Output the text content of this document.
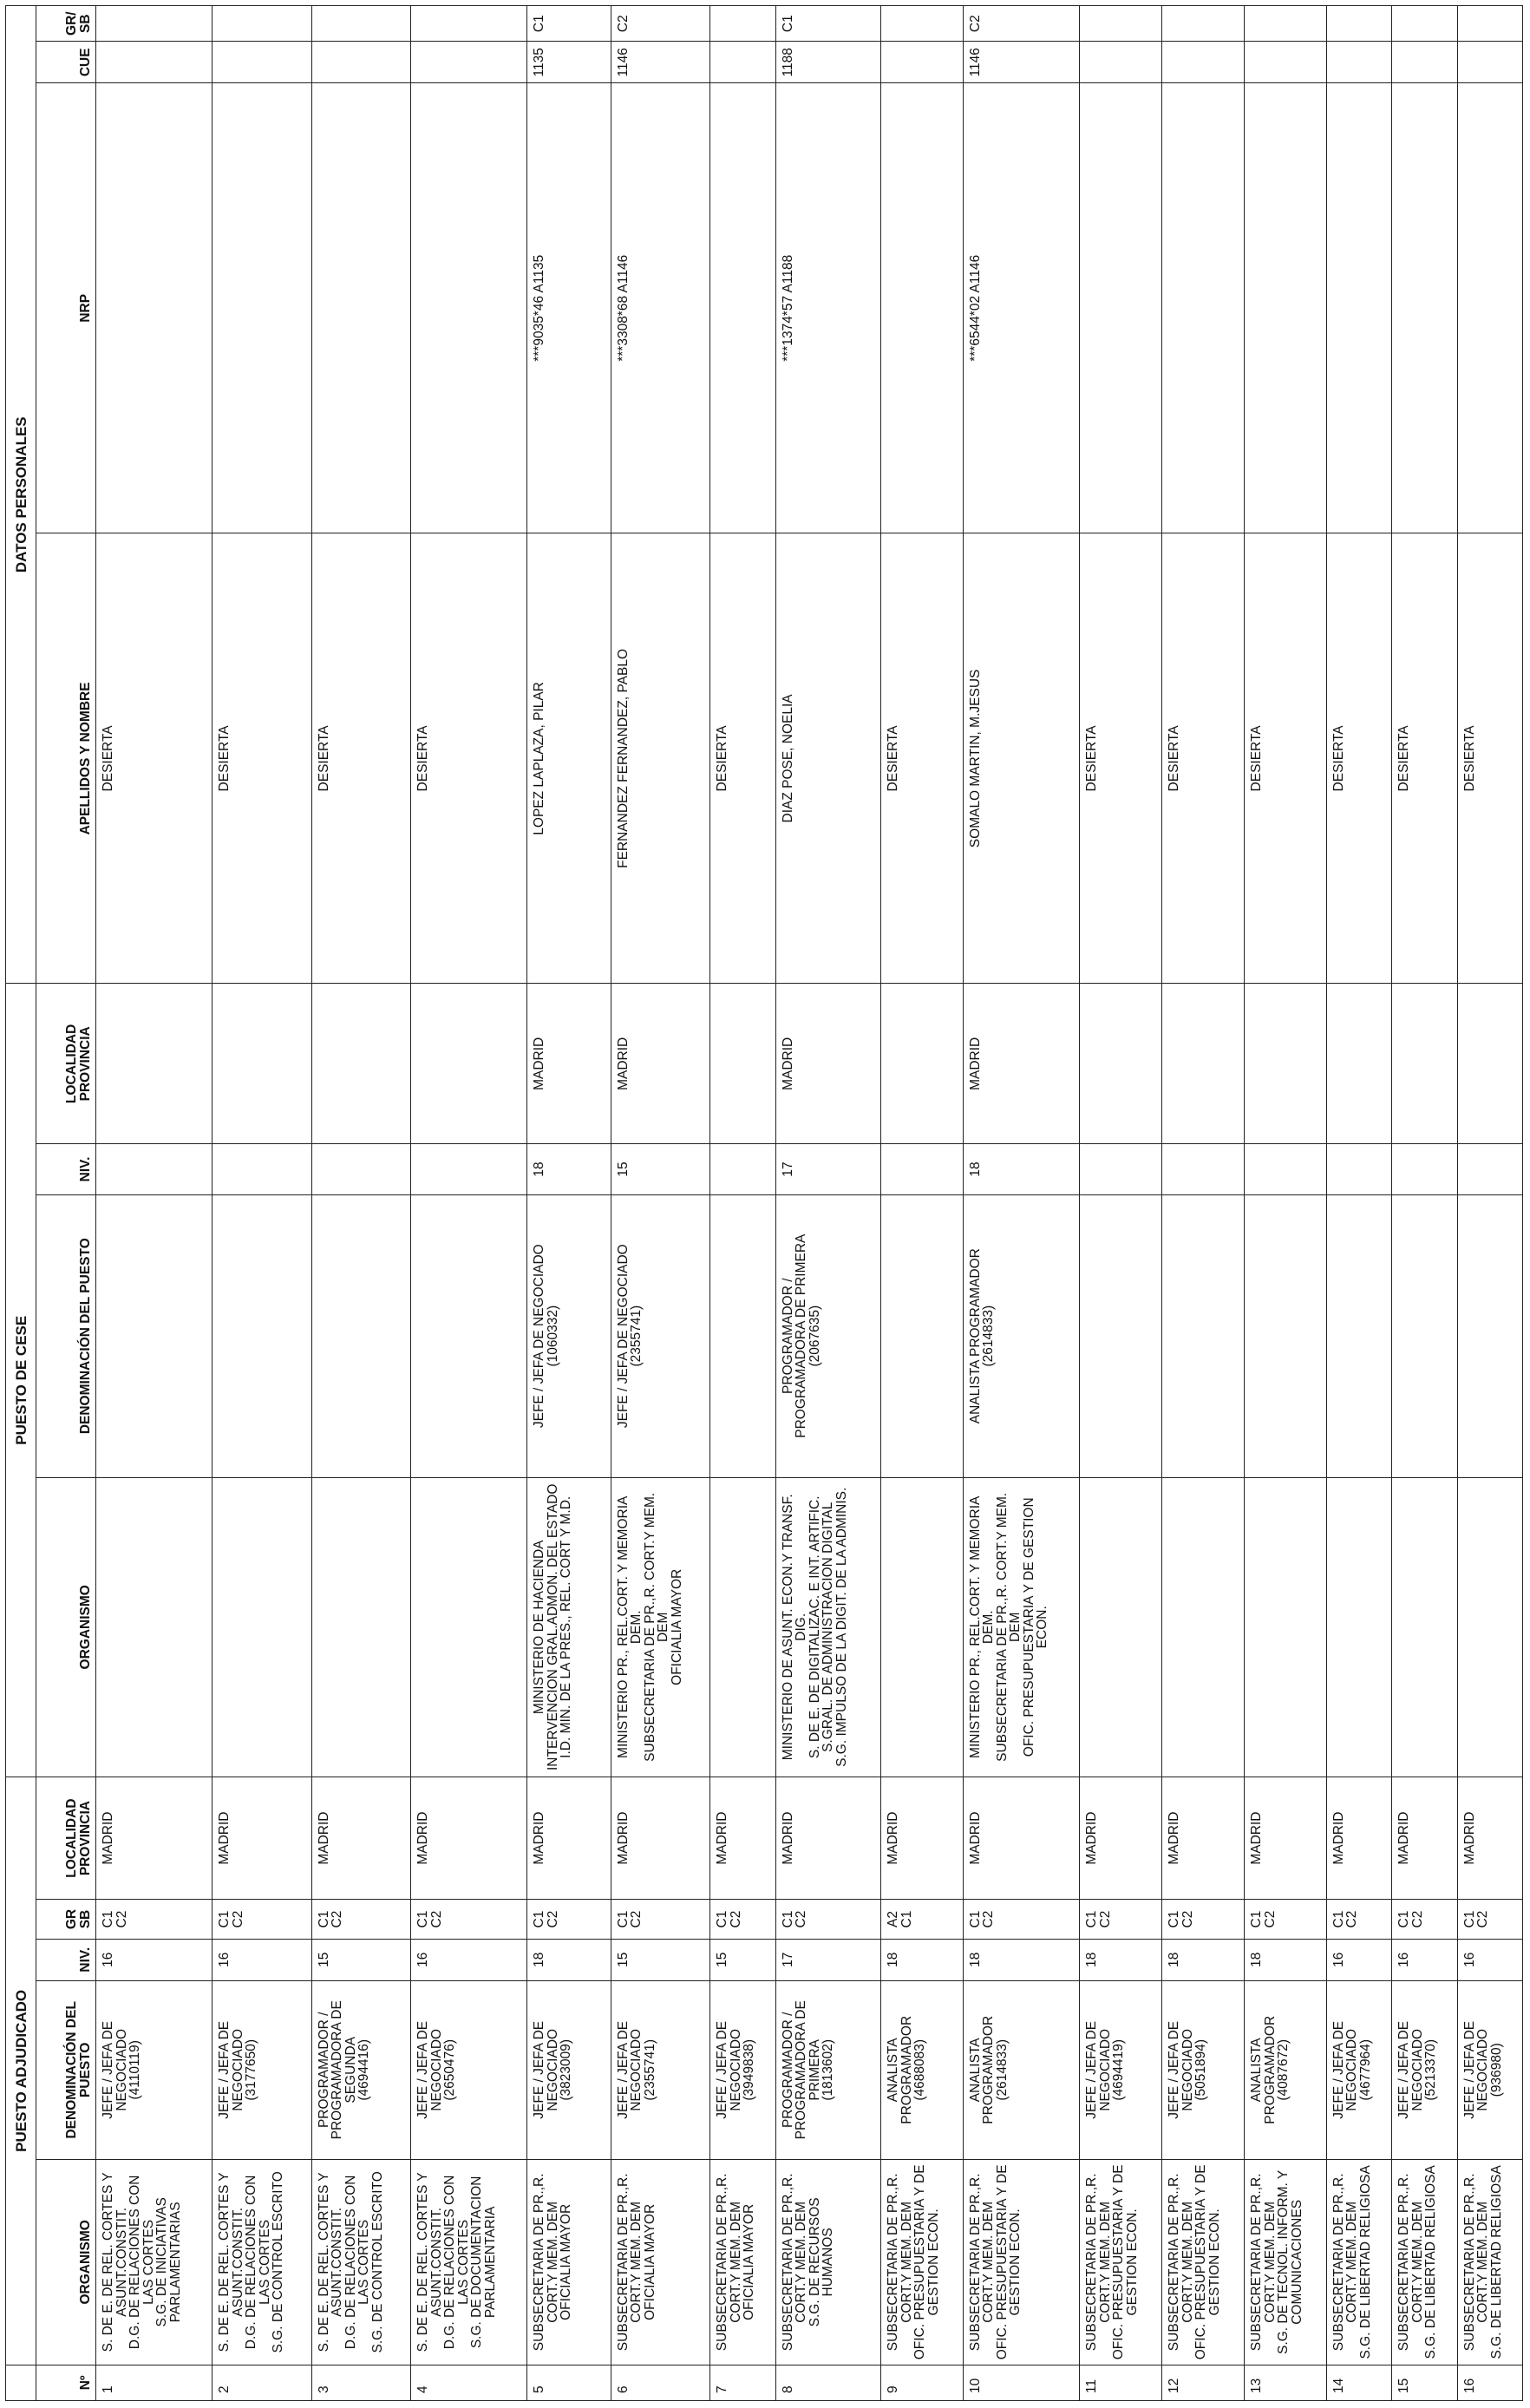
	PUESTO ADJUDICADO					PUESTO DE CESE				DATOS PERSONALES			
Nº	ORGANISMO	DENOMINACIÓN DEL PUESTO	NIV.	GR SB	LOCALIDAD PROVINCIA	ORGANISMO	DENOMINACIÓN DEL PUESTO	NIV.	LOCALIDAD PROVINCIA	APELLIDOS Y NOMBRE	NRP	CUE	GR/ SB
1	S. DE E. DE REL. CORTES Y ASUNT.CONSTIT.
D.G. DE RELACIONES CON LAS CORTES
S.G. DE INICIATIVAS PARLAMENTARIAS	JEFE / JEFA DE NEGOCIADO
(4110119)	16	C1
C2	MADRID					DESIERTA			
2	S. DE E. DE REL. CORTES Y ASUNT.CONSTIT.
D.G. DE RELACIONES CON LAS CORTES
S.G. DE CONTROL ESCRITO	JEFE / JEFA DE NEGOCIADO
(3177650)	16	C1
C2	MADRID					DESIERTA			
3	S. DE E. DE REL. CORTES Y ASUNT.CONSTIT.
D.G. DE RELACIONES CON LAS CORTES
S.G. DE CONTROL ESCRITO	PROGRAMADOR /
PROGRAMADORA DE SEGUNDA
(4694416)	15	C1
C2	MADRID					DESIERTA			
4	S. DE E. DE REL. CORTES Y ASUNT.CONSTIT.
D.G. DE RELACIONES CON LAS CORTES
S.G. DE DOCUMENTACION PARLAMENTARIA	JEFE / JEFA DE NEGOCIADO
(2650476)	16	C1
C2	MADRID					DESIERTA			
5	SUBSECRETARIA DE PR.,R. CORT.Y MEM. DEM
OFICIALIA MAYOR	JEFE / JEFA DE NEGOCIADO
(3823009)	18	C1
C2	MADRID	MINISTERIO DE HACIENDA
INTERVENCION GRAL.ADMON. DEL ESTADO
I.D. MIN. DE LA PRES., REL. CORT Y M.D.	JEFE / JEFA DE NEGOCIADO
(1060332)	18	MADRID	LOPEZ LAPLAZA, PILAR	***9035*46 A1135	1135	C1
6	SUBSECRETARIA DE PR.,R. CORT.Y MEM. DEM
OFICIALIA MAYOR	JEFE / JEFA DE NEGOCIADO
(2355741)	15	C1
C2	MADRID	MINISTERIO PR., REL.CORT. Y MEMORIA DEM.
SUBSECRETARIA DE PR.,R. CORT.Y MEM. DEM
OFICIALIA MAYOR	JEFE / JEFA DE NEGOCIADO
(2355741)	15	MADRID	FERNANDEZ FERNANDEZ, PABLO	***3308*68 A1146	1146	C2
7	SUBSECRETARIA DE PR.,R. CORT.Y MEM. DEM
OFICIALIA MAYOR	JEFE / JEFA DE NEGOCIADO
(3949838)	15	C1
C2	MADRID					DESIERTA			
8	SUBSECRETARIA DE PR.,R. CORT.Y MEM. DEM
S.G. DE RECURSOS HUMANOS	PROGRAMADOR /
PROGRAMADORA DE PRIMERA
(1813602)	17	C1
C2	MADRID	MINISTERIO DE ASUNT. ECON.Y TRANSF. DIG.
S. DE E. DE DIGITALIZAC. E INT. ARTIFIC.
S.GRAL. DE ADMINISTRACION DIGITAL
S.G. IMPULSO DE LA DIGIT. DE LA ADMINIS.	PROGRAMADOR /
PROGRAMADORA DE PRIMERA
(2067635)	17	MADRID	DIAZ POSE, NOELIA	***1374*57 A1188	1188	C1
9	SUBSECRETARIA DE PR.,R. CORT.Y MEM. DEM
OFIC. PRESUPUESTARIA Y DE GESTION ECON.	ANALISTA PROGRAMADOR
(4688083)	18	A2
C1	MADRID					DESIERTA			
10	SUBSECRETARIA DE PR.,R. CORT.Y MEM. DEM
OFIC. PRESUPUESTARIA Y DE GESTION ECON.	ANALISTA PROGRAMADOR
(2614833)	18	C1
C2	MADRID	MINISTERIO PR., REL.CORT. Y MEMORIA DEM.
SUBSECRETARIA DE PR.,R. CORT.Y MEM. DEM
OFIC. PRESUPUESTARIA Y DE GESTION ECON.	ANALISTA PROGRAMADOR
(2614833)	18	MADRID	SOMALO MARTIN, M.JESUS	***6544*02 A1146	1146	C2
11	SUBSECRETARIA DE PR.,R. CORT.Y MEM. DEM
OFIC. PRESUPUESTARIA Y DE GESTION ECON.	JEFE / JEFA DE NEGOCIADO
(4694419)	18	C1
C2	MADRID					DESIERTA			
12	SUBSECRETARIA DE PR.,R. CORT.Y MEM. DEM
OFIC. PRESUPUESTARIA Y DE GESTION ECON.	JEFE / JEFA DE NEGOCIADO
(5051894)	18	C1
C2	MADRID					DESIERTA			
13	SUBSECRETARIA DE PR.,R. CORT.Y MEM. DEM
S.G. DE TECNOL. INFORM. Y COMUNICACIONES	ANALISTA PROGRAMADOR
(4087672)	18	C1
C2	MADRID					DESIERTA			
14	SUBSECRETARIA DE PR.,R. CORT.Y MEM. DEM
S.G. DE LIBERTAD RELIGIOSA	JEFE / JEFA DE NEGOCIADO
(4677964)	16	C1
C2	MADRID					DESIERTA			
15	SUBSECRETARIA DE PR.,R. CORT.Y MEM. DEM
S.G. DE LIBERTAD RELIGIOSA	JEFE / JEFA DE NEGOCIADO
(5213370)	16	C1
C2	MADRID					DESIERTA			
16	SUBSECRETARIA DE PR.,R. CORT.Y MEM. DEM
S.G. DE LIBERTAD RELIGIOSA	JEFE / JEFA DE NEGOCIADO
(936980)	16	C1
C2	MADRID					DESIERTA			
